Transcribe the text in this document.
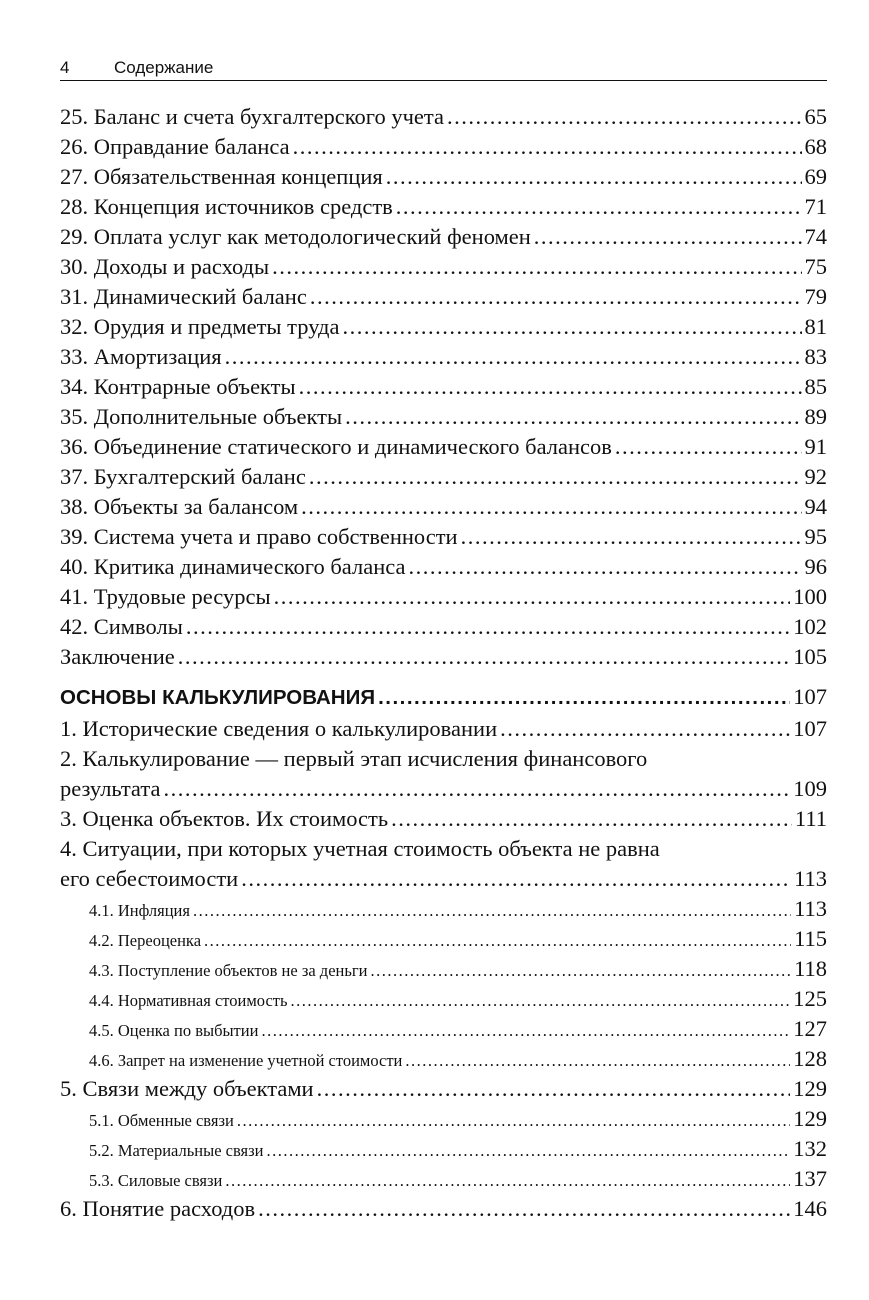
4	Содержание
25. Баланс и счета бухгалтерского учета .....	65
26. Оправдание баланса .....	68
27. Обязательственная концепция .....	69
28. Концепция источников средств .....	71
29. Оплата услуг как методологический феномен .....	74
30. Доходы и расходы .....	75
31. Динамический баланс .....	79
32. Орудия и предметы труда .....	81
33. Амортизация .....	83
34. Контрарные объекты .....	85
35. Дополнительные объекты .....	89
36. Объединение статического и динамического балансов .....	91
37. Бухгалтерский баланс .....	92
38. Объекты за балансом .....	94
39. Система учета и право собственности .....	95
40. Критика динамического баланса .....	96
41. Трудовые ресурсы .....	100
42. Символы .....	102
Заключение .....	105
ОСНОВЫ КАЛЬКУЛИРОВАНИЯ .....	107
1. Исторические сведения о калькулировании .....	107
2. Калькулирование — первый этап исчисления финансового
результата .....	109
3. Оценка объектов. Их стоимость .....	111
4. Ситуации, при которых учетная стоимость объекта не равна
его себестоимости .....	113
4.1. Инфляция .....	113
4.2. Переоценка .....	115
4.3. Поступление объектов не за деньги .....	118
4.4. Нормативная стоимость .....	125
4.5. Оценка по выбытии .....	127
4.6. Запрет на изменение учетной стоимости .....	128
5. Связи между объектами .....	129
5.1. Обменные связи .....	129
5.2. Материальные связи .....	132
5.3. Силовые связи .....	137
6. Понятие расходов .....	146
